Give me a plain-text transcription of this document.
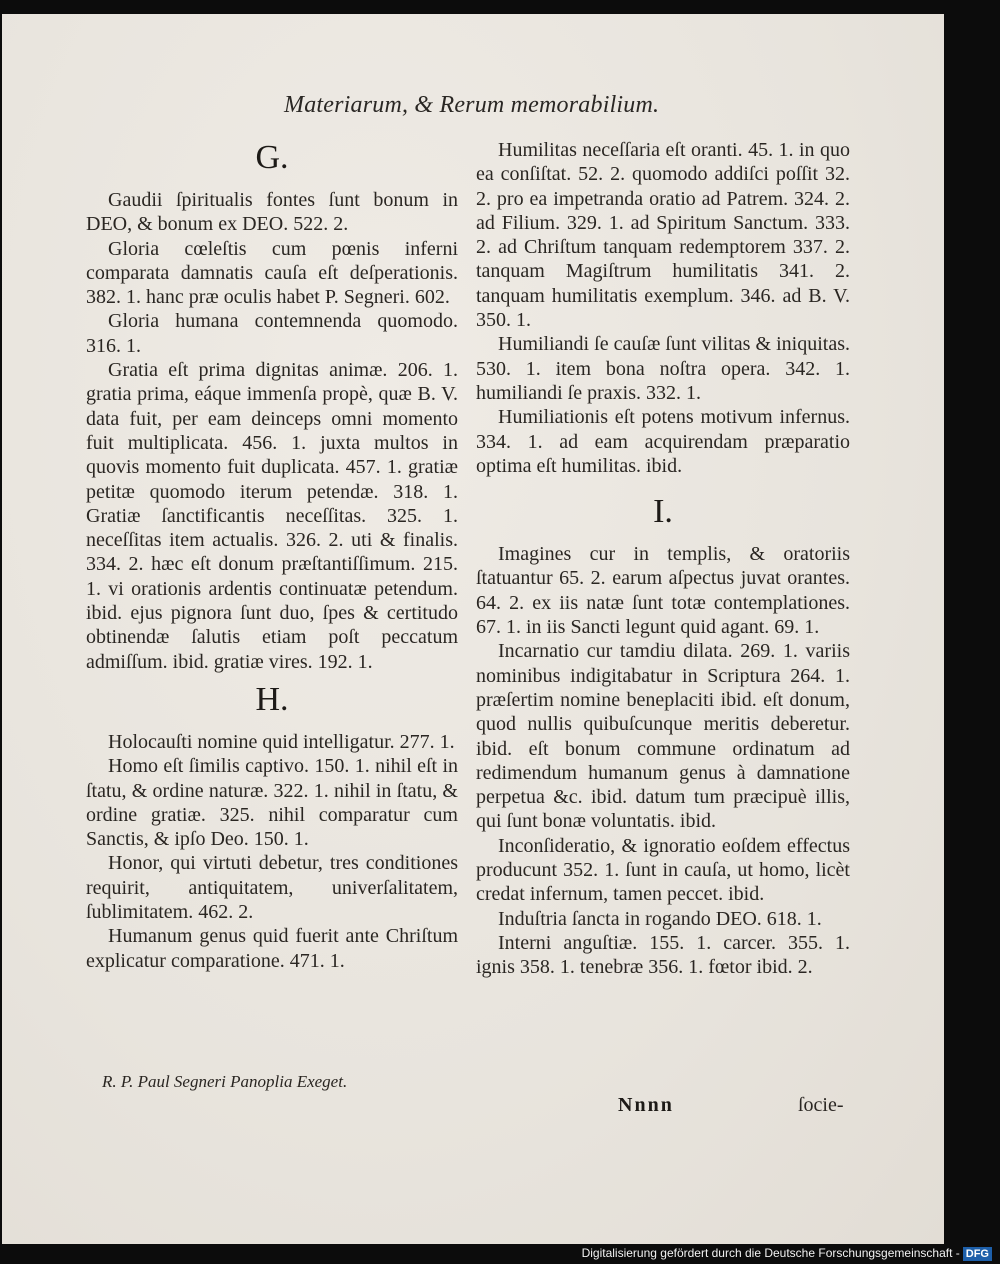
Materiarum, & Rerum memorabilium.
G.

Gaudii ſpiritualis fontes ſunt bonum in DEO, & bonum ex DEO. 522. 2.

Gloria cœleſtis cum pœnis inferni comparata damnatis cauſa eſt deſperationis. 382. 1. hanc præ oculis habet P. Segneri. 602.

Gloria humana contemnenda quomodo. 316. 1.

Gratia eſt prima dignitas animæ. 206. 1. gratia prima, eáque immenſa propè, quæ B. V. data fuit, per eam deinceps omni momento fuit multiplicata. 456. 1. juxta multos in quovis momento fuit duplicata. 457. 1. gratiæ petitæ quomodo iterum petendæ. 318. 1. Gratiæ ſanctificantis neceſſitas. 325. 1. neceſſitas item actualis. 326. 2. uti & finalis. 334. 2. hæc eſt donum præſtantiſſimum. 215. 1. vi orationis ardentis continuatæ petendum. ibid. ejus pignora ſunt duo, ſpes & certitudo obtinendæ ſalutis etiam poſt peccatum admiſſum. ibid. gratiæ vires. 192. 1.

H.

Holocauſti nomine quid intelligatur. 277. 1.

Homo eſt ſimilis captivo. 150. 1. nihil eſt in ſtatu, & ordine naturæ. 322. 1. nihil in ſtatu, & ordine gratiæ. 325. nihil comparatur cum Sanctis, & ipſo Deo. 150. 1.

Honor, qui virtuti debetur, tres conditiones requirit, antiquitatem, univerſalitatem, ſublimitatem. 462. 2.

Humanum genus quid fuerit ante Chriſtum explicatur comparatione. 471. 1.

Humilitas neceſſaria eſt oranti. 45. 1. in quo ea conſiſtat. 52. 2. quomodo addiſci poſſit 32. 2. pro ea impetranda oratio ad Patrem. 324. 2. ad Filium. 329. 1. ad Spiritum Sanctum. 333. 2. ad Chriſtum tanquam redemptorem 337. 2. tanquam Magiſtrum humilitatis 341. 2. tanquam humilitatis exemplum. 346. ad B. V. 350. 1.

Humiliandi ſe cauſæ ſunt vilitas & iniquitas. 530. 1. item bona noſtra opera. 342. 1. humiliandi ſe praxis. 332. 1.

Humiliationis eſt potens motivum infernus. 334. 1. ad eam acquirendam præparatio optima eſt humilitas. ibid.

I.

Imagines cur in templis, & oratoriis ſtatuantur 65. 2. earum aſpectus juvat orantes. 64. 2. ex iis natæ ſunt totæ contemplationes. 67. 1. in iis Sancti legunt quid agant. 69. 1.

Incarnatio cur tamdiu dilata. 269. 1. variis nominibus indigitabatur in Scriptura 264. 1. præſertim nomine beneplaciti ibid. eſt donum, quod nullis quibuſcunque meritis deberetur. ibid. eſt bonum commune ordinatum ad redimendum humanum genus à damnatione perpetua &c. ibid. datum tum præcipuè illis, qui ſunt bonæ voluntatis. ibid.

Inconſideratio, & ignoratio eoſdem effectus producunt 352. 1. ſunt in cauſa, ut homo, licèt credat infernum, tamen peccet. ibid.

Induſtria ſancta in rogando DEO. 618. 1.

Interni anguſtiæ. 155. 1. carcer. 355. 1. ignis 358. 1. tenebræ 356. 1. fœtor ibid. 2.

R. P. Paul Segneri Panoplia Exeget.
Nnnn	ſocie-
Digitalisierung gefördert durch die Deutsche Forschungsgemeinschaft - DFG
